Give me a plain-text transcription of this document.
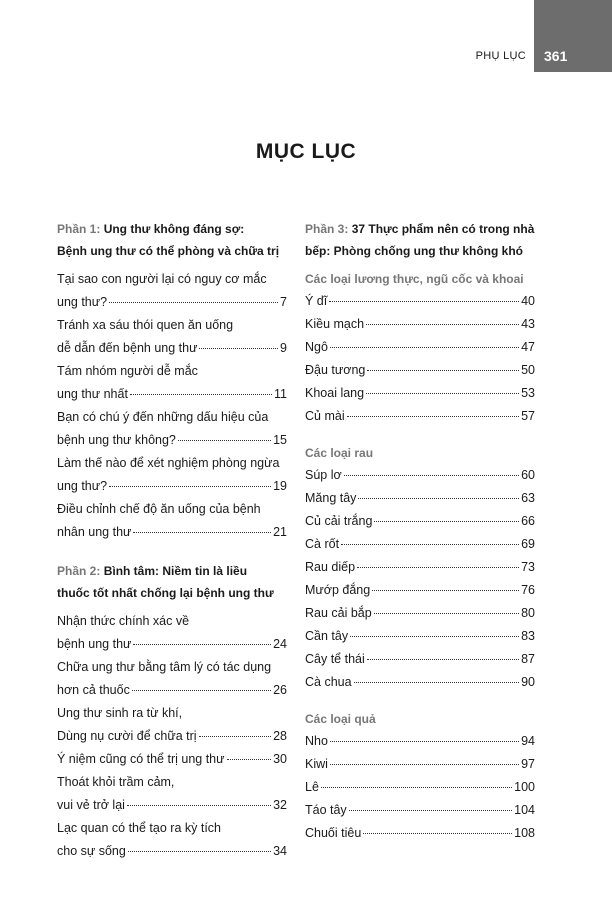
PHỤ LỤC	361
MỤC LỤC
Phần 1: Ung thư không đáng sợ:
Bệnh ung thư có thể phòng và chữa trị
Tại sao con người lại có nguy cơ mắc
ung thư?	7
Tránh xa sáu thói quen ăn uống
dễ dẫn đến bệnh ung thư	9
Tám nhóm người dễ mắc
ung thư nhất	11
Bạn có chú ý đến những dấu hiệu của
bệnh ung thư không?	15
Làm thế nào để xét nghiệm phòng ngừa
ung thư?	19
Điều chỉnh chế độ ăn uống của bệnh
nhân ung thư	21
Phần 2: Bình tâm: Niềm tin là liều
thuốc tốt nhất chống lại bệnh ung thư
Nhận thức chính xác về
bệnh ung thư	24
Chữa ung thư bằng tâm lý có tác dụng
hơn cả thuốc	26
Ung thư sinh ra từ khí,
Dùng nụ cười để chữa trị	28
Ý niệm cũng có thể trị ung thư	30
Thoát khỏi trầm cảm,
vui vẻ trở lại	32
Lạc quan có thể tạo ra kỳ tích
cho sự sống	34
Phần 3: 37 Thực phẩm nên có trong nhà
bếp: Phòng chống ung thư không khó
Các loại lương thực, ngũ cốc và khoai
Ý dĩ	40
Kiều mạch	43
Ngô	47
Đậu tương	50
Khoai lang	53
Củ mài	57
Các loại rau
Súp lơ	60
Măng tây	63
Củ cải trắng	66
Cà rốt	69
Rau diếp	73
Mướp đắng	76
Rau cải bắp	80
Cần tây	83
Cây tể thái	87
Cà chua	90
Các loại quả
Nho	94
Kiwi	97
Lê	100
Táo tây	104
Chuối tiêu	108
